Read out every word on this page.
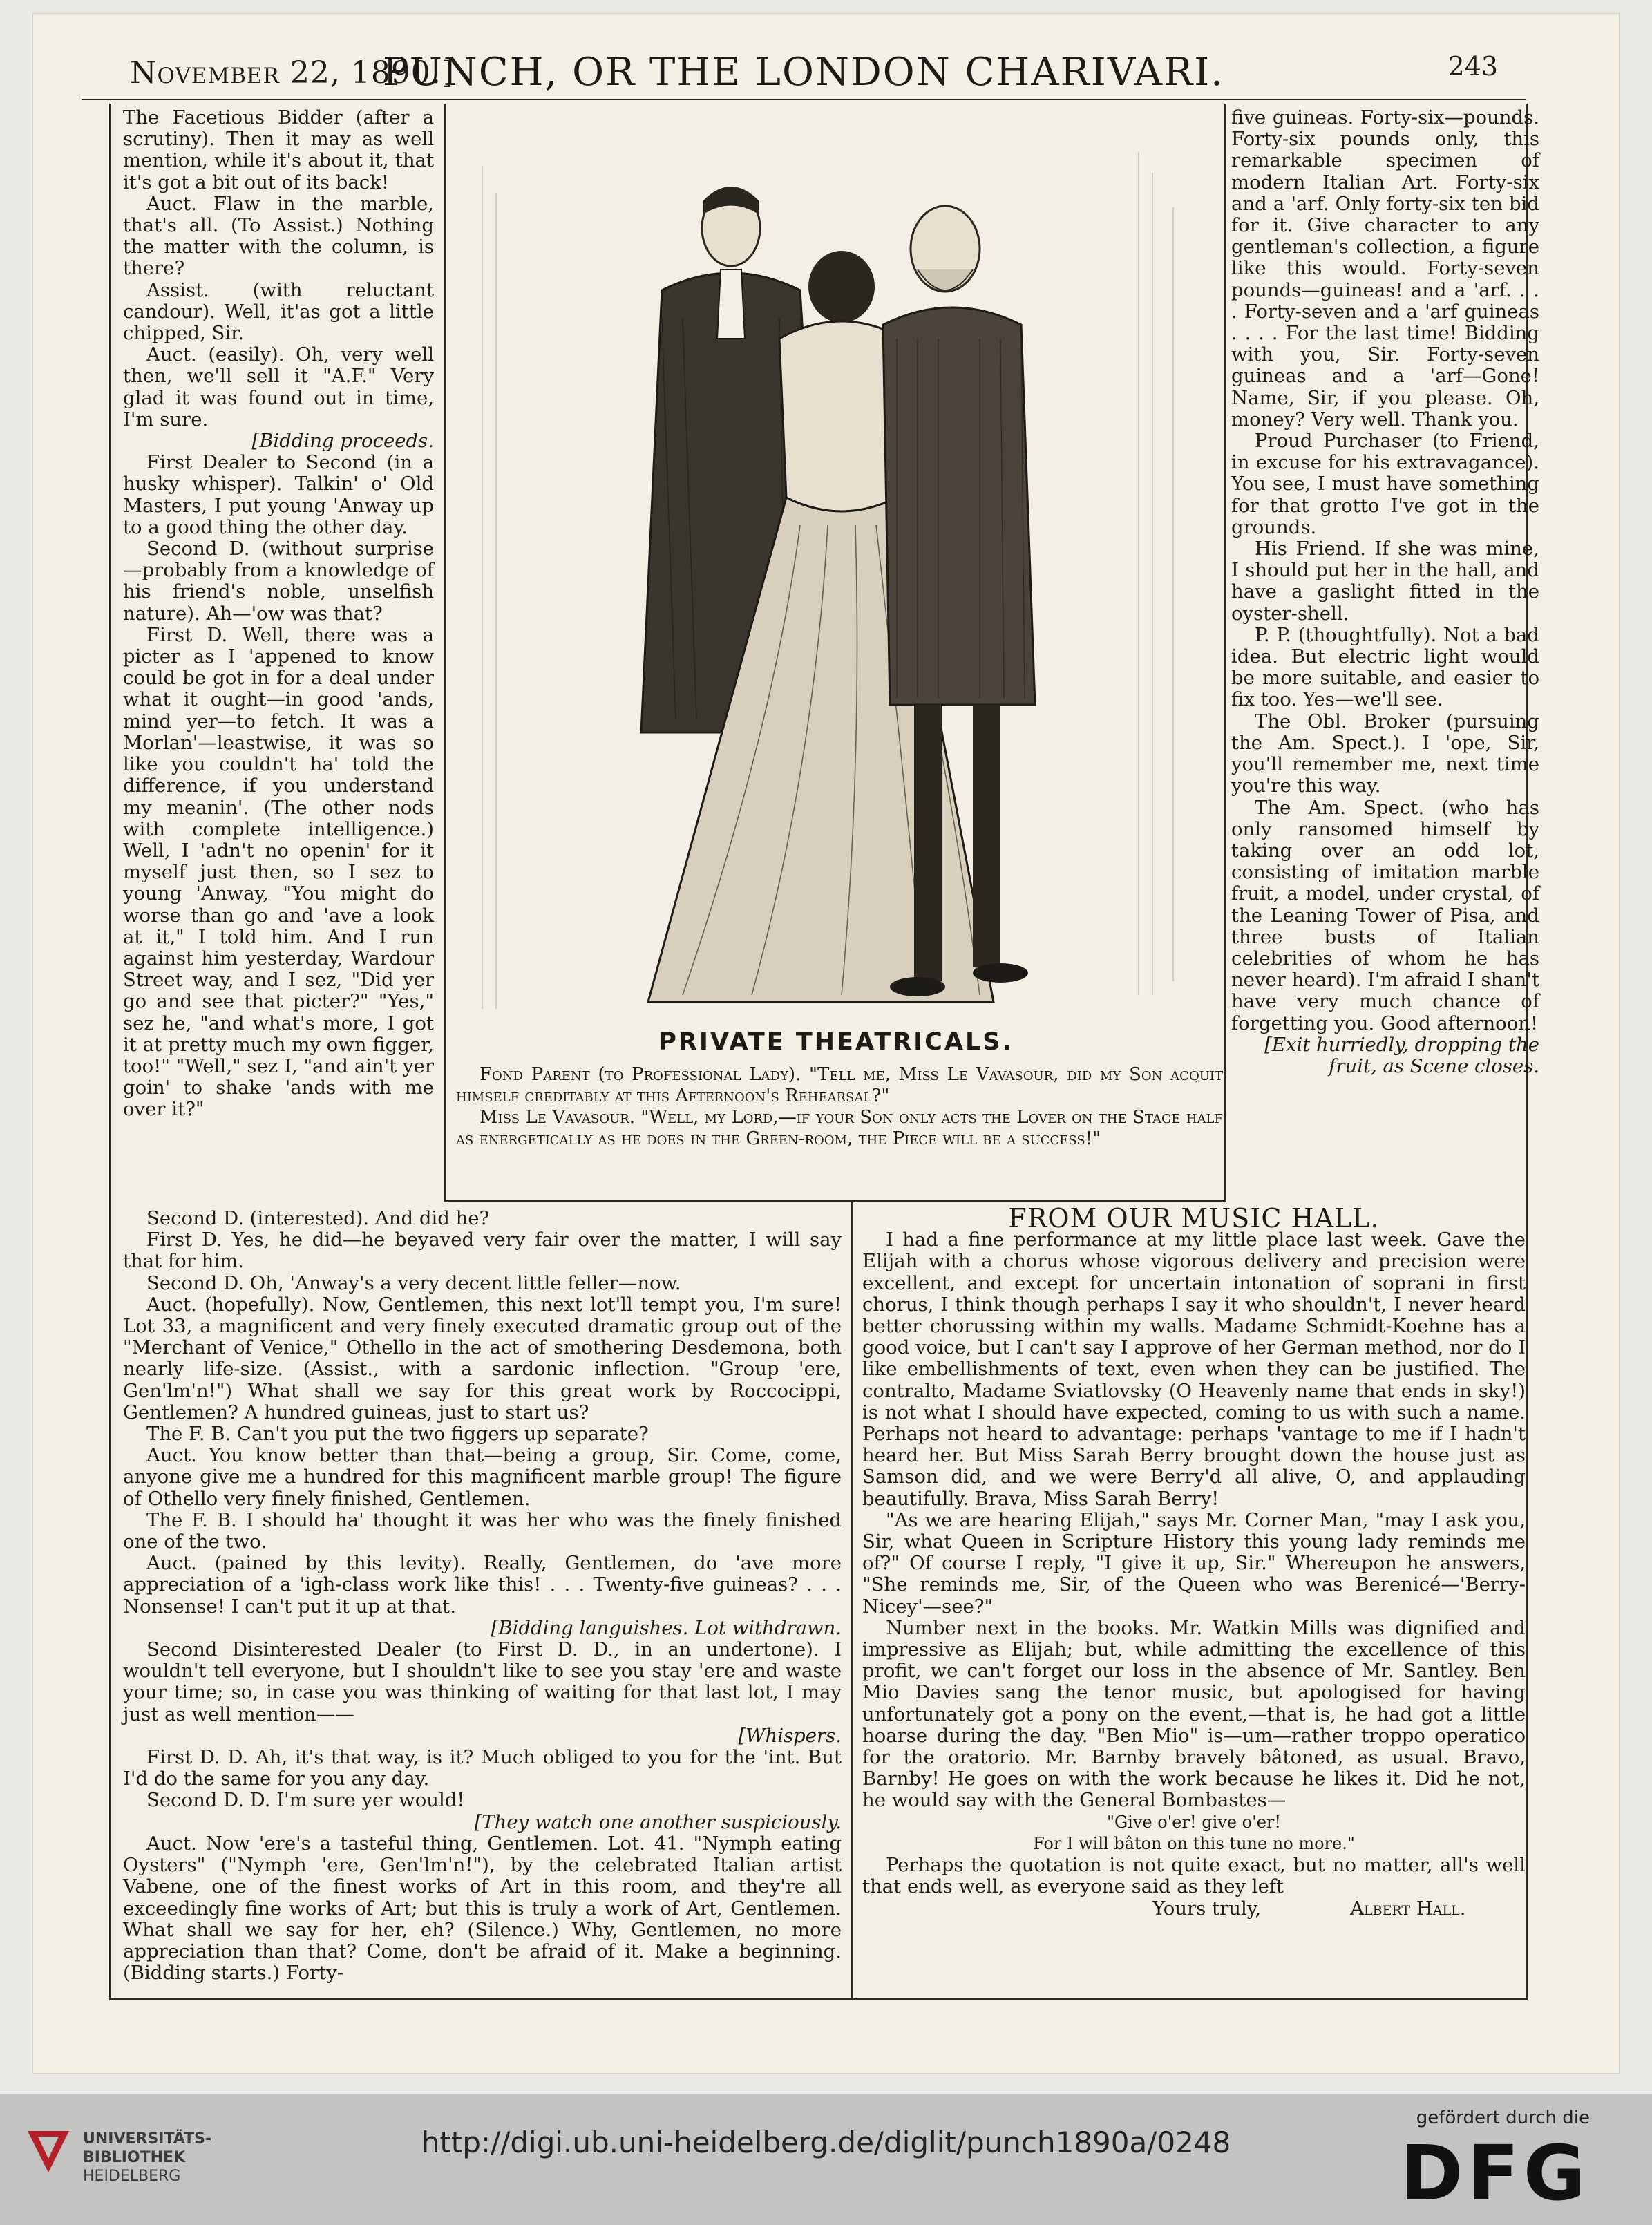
November 22, 1890.]
PUNCH, OR THE LONDON CHARIVARI.	243

The Facetious Bidder (after a scrutiny). Then it may as well mention, while it's about it, that it's got a bit out of its back!

Auct. Flaw in the marble, that's all. (To Assist.) Nothing the matter with the column, is there?

Assist. (with reluctant candour). Well, it'as got a little chipped, Sir.

Auct. (easily). Oh, very well then, we'll sell it "A.F." Very glad it was found out in time, I'm sure.

[Bidding proceeds.

First Dealer to Second (in a husky whisper). Talkin' o' Old Masters, I put young 'Anway up to a good thing the other day.

Second D. (without surprise—probably from a knowledge of his friend's noble, unselfish nature). Ah—'ow was that?

First D. Well, there was a picter as I 'appened to know could be got in for a deal under what it ought—in good 'ands, mind yer—to fetch. It was a Morlan'—leastwise, it was so like you couldn't ha' told the difference, if you understand my meanin'. (The other nods with complete intelligence.) Well, I 'adn't no openin' for it myself just then, so I sez to young 'Anway, "You might do worse than go and 'ave a look at it," I told him. And I run against him yesterday, Wardour Street way, and I sez, "Did yer go and see that picter?" "Yes," sez he, "and what's more, I got it at pretty much my own figger, too!" "Well," sez I, "and ain't yer goin' to shake 'ands with me over it?"

PRIVATE THEATRICALS.

Fond Parent (to Professional Lady). "Tell me, Miss Le Vavasour, did my Son acquit himself creditably at this Afternoon's Rehearsal?"

Miss Le Vavasour. "Well, my Lord,—if your Son only acts the Lover on the Stage half as energetically as he does in the Green-room, the Piece will be a success!"

five guineas. Forty-six—pounds. Forty-six pounds only, this remarkable specimen of modern Italian Art. Forty-six and a 'arf. Only forty-six ten bid for it. Give character to any gentleman's collection, a figure like this would. Forty-seven pounds—guineas! and a 'arf. . . . Forty-seven and a 'arf guineas . . . . For the last time! Bidding with you, Sir. Forty-seven guineas and a 'arf—Gone! Name, Sir, if you please. Oh, money? Very well. Thank you.

Proud Purchaser (to Friend, in excuse for his extravagance). You see, I must have something for that grotto I've got in the grounds.

His Friend. If she was mine, I should put her in the hall, and have a gaslight fitted in the oyster-shell.

P. P. (thoughtfully). Not a bad idea. But electric light would be more suitable, and easier to fix too. Yes—we'll see.

The Obl. Broker (pursuing the Am. Spect.). I 'ope, Sir, you'll remember me, next time you're this way.

The Am. Spect. (who has only ransomed himself by taking over an odd lot, consisting of imitation marble fruit, a model, under crystal, of the Leaning Tower of Pisa, and three busts of Italian celebrities of whom he has never heard). I'm afraid I shan't have very much chance of forgetting you. Good afternoon!

[Exit hurriedly, dropping the fruit, as Scene closes.

Second D. (interested). And did he?

First D. Yes, he did—he beyaved very fair over the matter, I will say that for him.

Second D. Oh, 'Anway's a very decent little feller—now.

Auct. (hopefully). Now, Gentlemen, this next lot'll tempt you, I'm sure! Lot 33, a magnificent and very finely executed dramatic group out of the "Merchant of Venice," Othello in the act of smothering Desdemona, both nearly life-size. (Assist., with a sardonic inflection. "Group 'ere, Gen'lm'n!") What shall we say for this great work by Roccocippi, Gentlemen? A hundred guineas, just to start us?

The F. B. Can't you put the two figgers up separate?

Auct. You know better than that—being a group, Sir. Come, come, anyone give me a hundred for this magnificent marble group! The figure of Othello very finely finished, Gentlemen.

The F. B. I should ha' thought it was her who was the finely finished one of the two.

Auct. (pained by this levity). Really, Gentlemen, do 'ave more appreciation of a 'igh-class work like this! . . . Twenty-five guineas? . . . Nonsense! I can't put it up at that.

[Bidding languishes. Lot withdrawn.

Second Disinterested Dealer (to First D. D., in an undertone). I wouldn't tell everyone, but I shouldn't like to see you stay 'ere and waste your time; so, in case you was thinking of waiting for that last lot, I may just as well mention——

[Whispers.

First D. D. Ah, it's that way, is it? Much obliged to you for the 'int. But I'd do the same for you any day.

Second D. D. I'm sure yer would!

[They watch one another suspiciously.

Auct. Now 'ere's a tasteful thing, Gentlemen. Lot. 41. "Nymph eating Oysters" ("Nymph 'ere, Gen'lm'n!"), by the celebrated Italian artist Vabene, one of the finest works of Art in this room, and they're all exceedingly fine works of Art; but this is truly a work of Art, Gentlemen. What shall we say for her, eh? (Silence.) Why, Gentlemen, no more appreciation than that? Come, don't be afraid of it. Make a beginning. (Bidding starts.) Forty-

FROM OUR MUSIC HALL.

I had a fine performance at my little place last week. Gave the Elijah with a chorus whose vigorous delivery and precision were excellent, and except for uncertain intonation of soprani in first chorus, I think though perhaps I say it who shouldn't, I never heard better chorussing within my walls. Madame Schmidt-Koehne has a good voice, but I can't say I approve of her German method, nor do I like embellishments of text, even when they can be justified. The contralto, Madame Sviatlovsky (O Heavenly name that ends in sky!) is not what I should have expected, coming to us with such a name. Perhaps not heard to advantage: perhaps 'vantage to me if I hadn't heard her. But Miss Sarah Berry brought down the house just as Samson did, and we were Berry'd all alive, O, and applauding beautifully. Brava, Miss Sarah Berry!

"As we are hearing Elijah," says Mr. Corner Man, "may I ask you, Sir, what Queen in Scripture History this young lady reminds me of?" Of course I reply, "I give it up, Sir." Whereupon he answers, "She reminds me, Sir, of the Queen who was Berenicé—'Berry-Nicey'—see?"

Number next in the books. Mr. Watkin Mills was dignified and impressive as Elijah; but, while admitting the excellence of this profit, we can't forget our loss in the absence of Mr. Santley. Ben Mio Davies sang the tenor music, but apologised for having unfortunately got a pony on the event,—that is, he had got a little hoarse during the day. "Ben Mio" is—um—rather troppo operatico for the oratorio. Mr. Barnby bravely bâtoned, as usual. Bravo, Barnby! He goes on with the work because he likes it. Did he not, he would say with the General Bombastes—

"Give o'er! give o'er!

For I will bâton on this tune no more."

Perhaps the quotation is not quite exact, but no matter, all's well that ends well, as everyone said as they left

Yours truly,	Albert Hall.

UNIVERSITÄTS-
BIBLIOTHEK
HEIDELBERG
http://digi.ub.uni-heidelberg.de/diglit/punch1890a/0248
gefördert durch die
DFG
